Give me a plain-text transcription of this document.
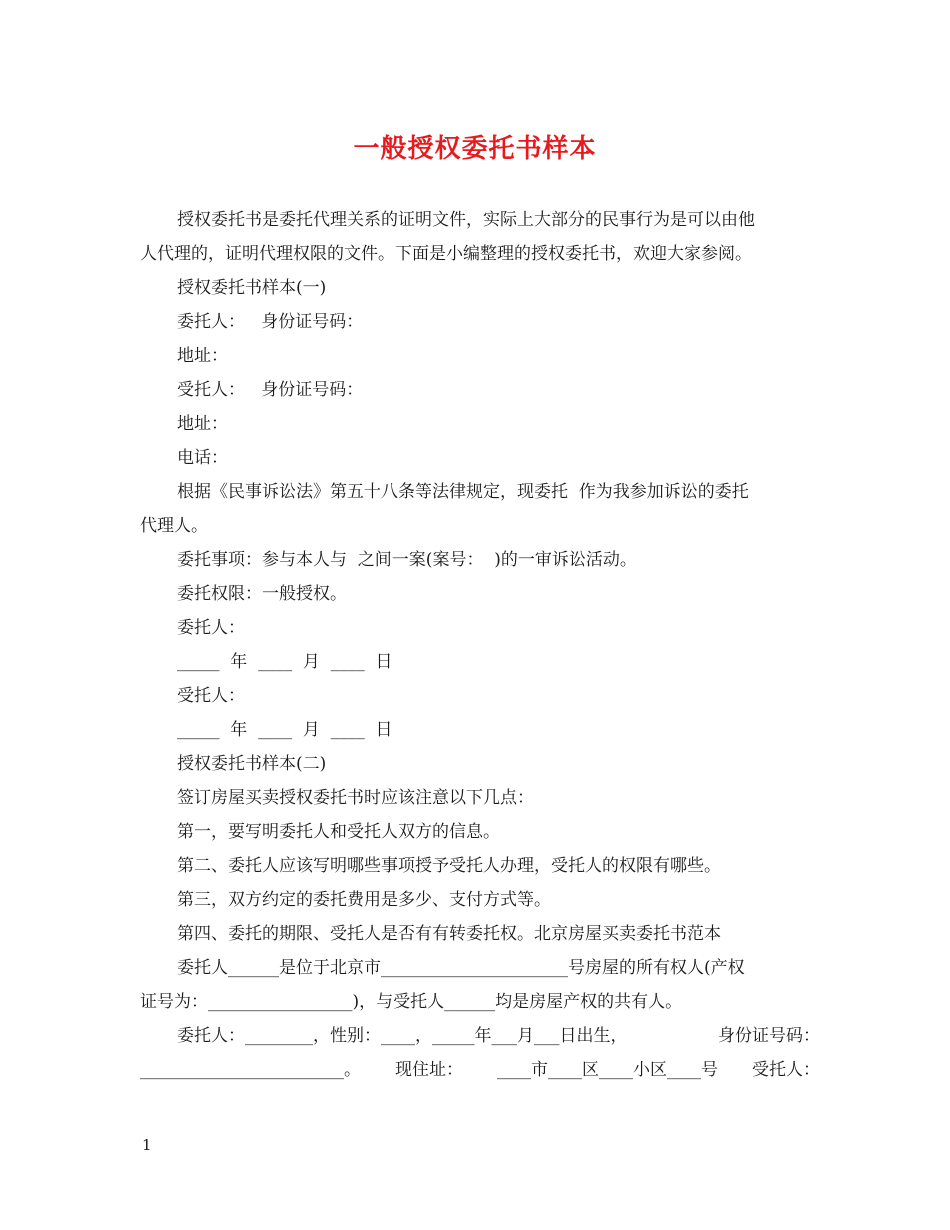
一般授权委托书样本
授权委托书是委托代理关系的证明文件，实际上大部分的民事行为是可以由他
人代理的，证明代理权限的文件。下面是小编整理的授权委托书，欢迎大家参阅。
授权委托书样本(一)
委托人：   身份证号码：
地址：
受托人：   身份证号码：
地址：
电话：
根据《民事诉讼法》第五十八条等法律规定，现委托  作为我参加诉讼的委托
代理人。
委托事项：参与本人与  之间一案(案号：  )的一审诉讼活动。
委托权限：一般授权。
委托人：
_____  年  ____  月  ____  日
受托人：
_____  年  ____  月  ____  日
授权委托书样本(二)
签订房屋买卖授权委托书时应该注意以下几点：
第一，要写明委托人和受托人双方的信息。
第二、委托人应该写明哪些事项授予受托人办理，受托人的权限有哪些。
第三，双方约定的委托费用是多少、支付方式等。
第四、委托的期限、受托人是否有有转委托权。北京房屋买卖委托书范本
委托人______是位于北京市______________________号房屋的所有权人(产权
证号为：_________________)，与受托人______均是房屋产权的共有人。
委托人：________，性别：____，_____年___月___日出生，	身份证号码：
________________________。 现住址： ____市____区____小区____号 受托人：
1
